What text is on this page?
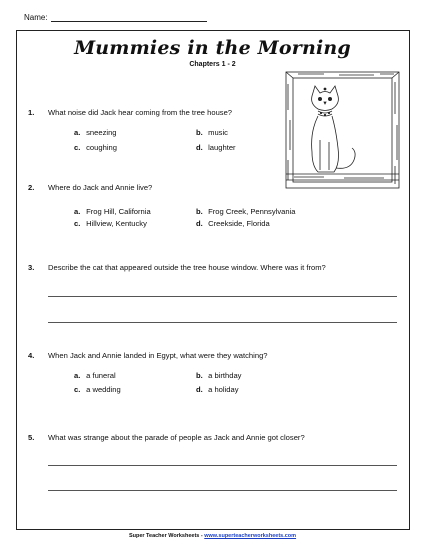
Name:
Mummies in the Morning
Chapters 1 - 2
1.	What noise did Jack hear coming from the tree house?
a. sneezing	b. music
c. coughing	d. laughter
2.	Where do Jack and Annie live?
a. Frog Hill, California	b. Frog Creek, Pennsylvania
c. Hillview, Kentucky	d. Creekside, Florida
3.	Describe the cat that appeared outside the tree house window. Where was it from?
4.	When Jack and Annie landed in Egypt, what were they watching?
a. a funeral	b. a birthday
c. a wedding	d. a holiday
5.	What was strange about the parade of people as Jack and Annie got closer?
Super Teacher Worksheets - www.superteacherworksheets.com
